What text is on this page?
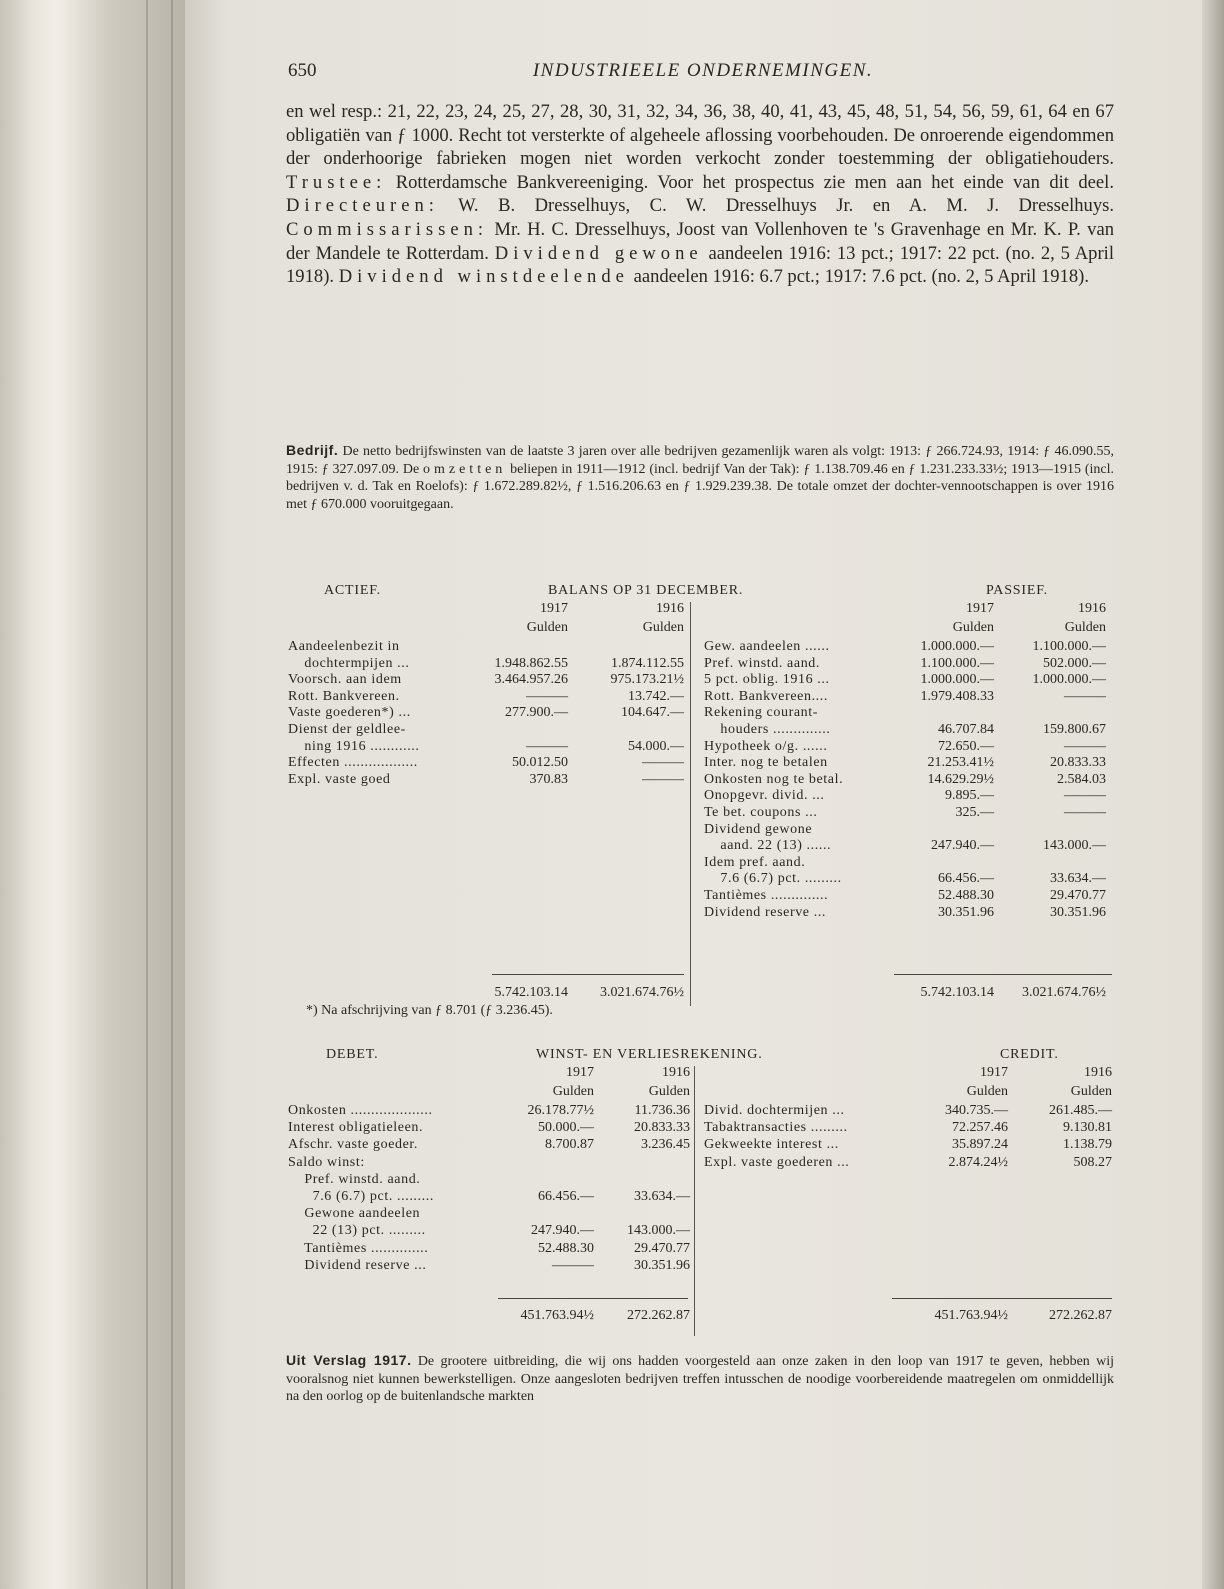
650	INDUSTRIEELE ONDERNEMINGEN.

en wel resp.: 21, 22, 23, 24, 25, 27, 28, 30, 31, 32, 34, 36, 38, 40, 41, 43, 45, 48, 51, 54, 56, 59, 61, 64 en 67 obligatiën van ƒ 1000. Recht tot versterkte of algeheele aflossing voorbehouden. De onroerende eigendommen der onderhoorige fabrieken mogen niet worden verkocht zonder toestemming der obligatiehouders. Trustee: Rotterdamsche Bankvereeniging. Voor het prospectus zie men aan het einde van dit deel. Directeuren: W. B. Dresselhuys, C. W. Dresselhuys Jr. en A. M. J. Dresselhuys. Commissarissen: Mr. H. C. Dresselhuys, Joost van Vollenhoven te 's Gravenhage en Mr. K. P. van der Mandele te Rotterdam. Dividend gewone aandeelen 1916: 13 pct.; 1917: 22 pct. (no. 2, 5 April 1918). Dividend winstdeelende aandeelen 1916: 6.7 pct.; 1917: 7.6 pct. (no. 2, 5 April 1918).

Bedrijf. De netto bedrijfswinsten van de laatste 3 jaren over alle bedrijven gezamenlijk waren als volgt: 1913: ƒ 266.724.93, 1914: ƒ 46.090.55, 1915: ƒ 327.097.09. De omzetten beliepen in 1911—1912 (incl. bedrijf Van der Tak): ƒ 1.138.709.46 en ƒ 1.231.233.33½; 1913—1915 (incl. bedrijven v. d. Tak en Roelofs): ƒ 1.672.289.82½, ƒ 1.516.206.63 en ƒ 1.929.239.38. De totale omzet der dochter-vennootschappen is over 1916 met ƒ 670.000 vooruitgegaan.

ACTIEF.	BALANS OP 31 DECEMBER.	PASSIEF.
1917	1916
Gulden	Gulden
1917	1916
Gulden	Gulden
Aandeelenbezit in
dochtermpijen ...	1.948.862.55	1.874.112.55
Voorsch. aan idem	3.464.957.26	975.173.21½
Rott. Bankvereen.	———	13.742.—
Vaste goederen*) ...	277.900.—	104.647.—
Dienst der geldlee-
ning 1916 ............	———	54.000.—
Effecten ..................	50.012.50	———
Expl. vaste goed	370.83	———
Gew. aandeelen ......	1.000.000.—	1.100.000.—
Pref. winstd. aand.	1.100.000.—	502.000.—
5 pct. oblig. 1916 ...	1.000.000.—	1.000.000.—
Rott. Bankvereen....	1.979.408.33	———
Rekening courant-
houders ..............	46.707.84	159.800.67
Hypotheek o/g. ......	72.650.—	———
Inter. nog te betalen	21.253.41½	20.833.33
Onkosten nog te betal.	14.629.29½	2.584.03
Onopgevr. divid. ...	9.895.—	———
Te bet. coupons ...	325.—	———
Dividend gewone
aand. 22 (13) ......	247.940.—	143.000.—
Idem pref. aand.
7.6 (6.7) pct. .........	66.456.—	33.634.—
Tantièmes ..............	52.488.30	29.470.77
Dividend reserve ...	30.351.96	30.351.96
5.742.103.14	3.021.674.76½	5.742.103.14	3.021.674.76½
*) Na afschrijving van ƒ 8.701 (ƒ 3.236.45).
DEBET.	WINST- EN VERLIESREKENING.	CREDIT.
1917	1916
Gulden	Gulden
1917	1916
Gulden	Gulden
Onkosten ....................	26.178.77½	11.736.36
Interest obligatieleen.	50.000.—	20.833.33
Afschr. vaste goeder.	8.700.87	3.236.45
Saldo winst:
Pref. winstd. aand.
7.6 (6.7) pct. .........	66.456.—	33.634.—
Gewone aandeelen
22 (13) pct. .........	247.940.—	143.000.—
Tantièmes ..............	52.488.30	29.470.77
Dividend reserve ...	———	30.351.96
Divid. dochtermijen ...	340.735.—	261.485.—
Tabaktransacties .........	72.257.46	9.130.81
Gekweekte interest ...	35.897.24	1.138.79
Expl. vaste goederen ...	2.874.24½	508.27
451.763.94½	272.262.87	451.763.94½	272.262.87

Uit Verslag 1917. De grootere uitbreiding, die wij ons hadden voorgesteld aan onze zaken in den loop van 1917 te geven, hebben wij vooralsnog niet kunnen bewerkstelligen. Onze aangesloten bedrijven treffen intusschen de noodige voorbereidende maatregelen om onmiddellijk na den oorlog op de buitenlandsche markten
